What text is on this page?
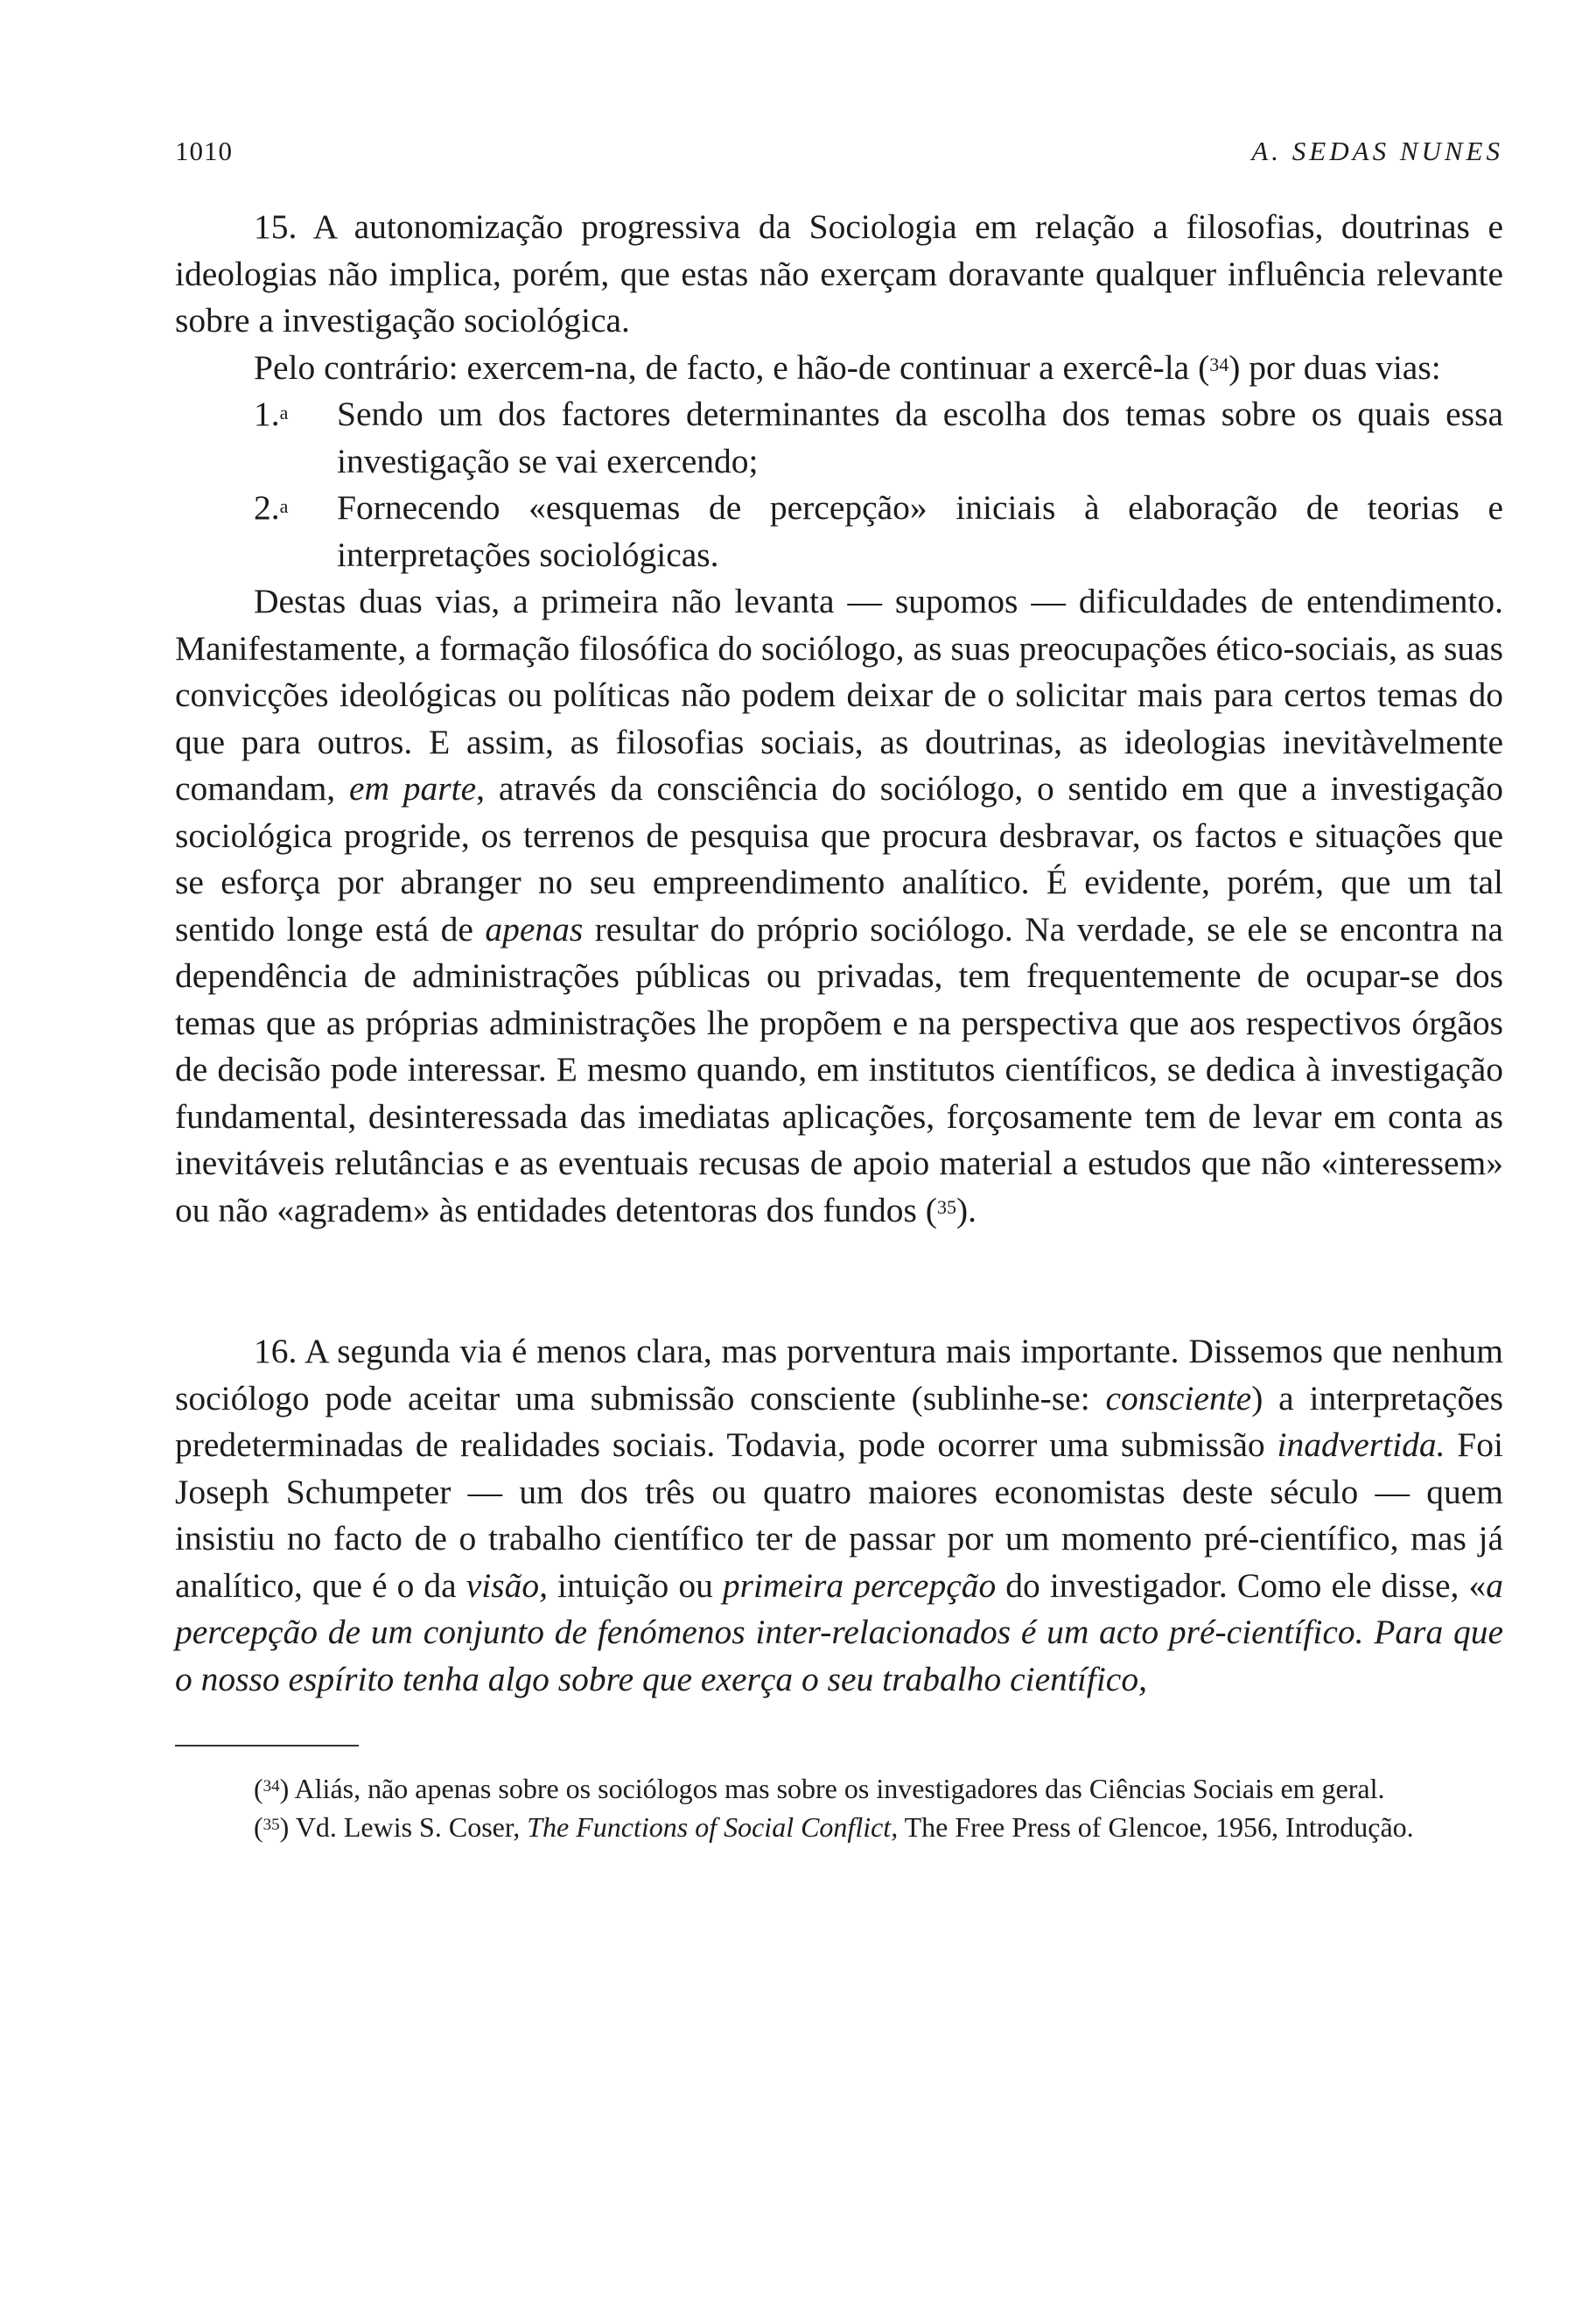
1010	A. SEDAS NUNES

15. A autonomização progressiva da Sociologia em relação a filosofias, doutrinas e ideologias não implica, porém, que estas não exerçam doravante qualquer influência relevante sobre a investigação sociológica.

Pelo contrário: exercem-na, de facto, e hão-de continuar a exercê-la ($^{34}$) por duas vias:

1.$^a$ Sendo um dos factores determinantes da escolha dos temas sobre os quais essa investigação se vai exercendo;

2.$^a$ Fornecendo «esquemas de percepção» iniciais à elaboração de teorias e interpretações sociológicas.

Destas duas vias, a primeira não levanta — supomos — dificuldades de entendimento. Manifestamente, a formação filosófica do sociólogo, as suas preocupações ético-sociais, as suas convicções ideológicas ou políticas não podem deixar de o solicitar mais para certos temas do que para outros. E assim, as filosofias sociais, as doutrinas, as ideologias inevitàvelmente comandam, em parte, através da consciência do sociólogo, o sentido em que a investigação sociológica progride, os terrenos de pesquisa que procura desbravar, os factos e situações que se esforça por abranger no seu empreendimento analítico. É evidente, porém, que um tal sentido longe está de apenas resultar do próprio sociólogo. Na verdade, se ele se encontra na dependência de administrações públicas ou privadas, tem frequentemente de ocupar-se dos temas que as próprias administrações lhe propõem e na perspectiva que aos respectivos órgãos de decisão pode interessar. E mesmo quando, em institutos científicos, se dedica à investigação fundamental, desinteressada das imediatas aplicações, forçosamente tem de levar em conta as inevitáveis relutâncias e as eventuais recusas de apoio material a estudos que não «interessem» ou não «agradem» às entidades detentoras dos fundos ($^{35}$).

16. A segunda via é menos clara, mas porventura mais importante. Dissemos que nenhum sociólogo pode aceitar uma submissão consciente (sublinhe-se: consciente) a interpretações predeterminadas de realidades sociais. Todavia, pode ocorrer uma submissão inadvertida. Foi Joseph Schumpeter — um dos três ou quatro maiores economistas deste século — quem insistiu no facto de o trabalho científico ter de passar por um momento pré-científico, mas já analítico, que é o da visão, intuição ou primeira percepção do investigador. Como ele disse, «a percepção de um conjunto de fenómenos inter-relacionados é um acto pré-científico. Para que o nosso espírito tenha algo sobre que exerça o seu trabalho científico,

($^{34}$) Aliás, não apenas sobre os sociólogos mas sobre os investigadores das Ciências Sociais em geral.

($^{35}$) Vd. Lewis S. Coser, The Functions of Social Conflict, The Free Press of Glencoe, 1956, Introdução.
